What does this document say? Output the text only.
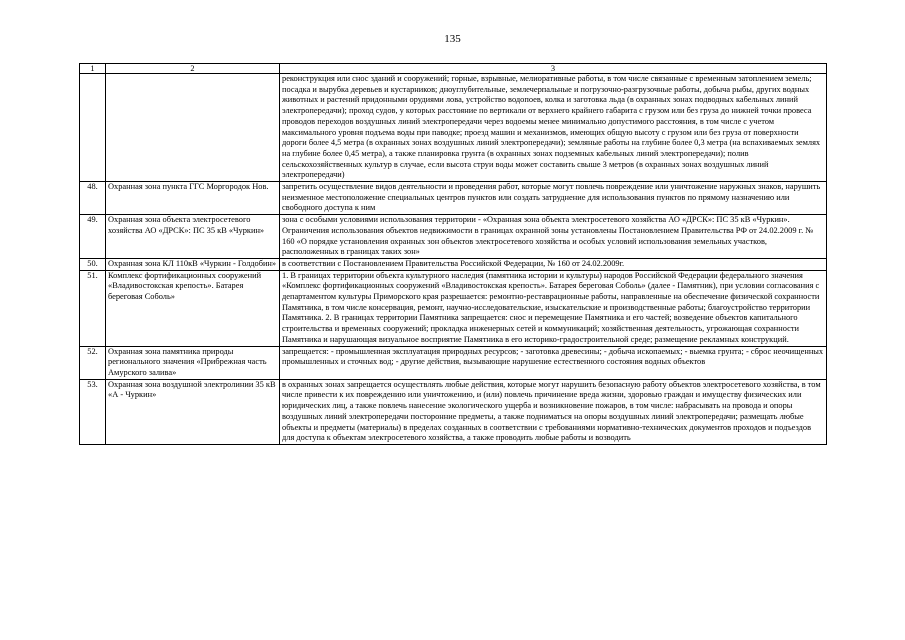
135
1	2	3
		реконструкция или снос зданий и сооружений; горные, взрывные, мелиоративные работы, в том числе связанные с временным затоплением земель; посадка и вырубка деревьев и кустарников; дноуглубительные, землечерпальные и погрузочно-разгрузочные работы, добыча рыбы, других водных животных и растений придонными орудиями лова, устройство водопоев, колка и заготовка льда (в охранных зонах подводных кабельных линий электропередачи); проход судов, у которых расстояние по вертикали от верхнего крайнего габарита с грузом или без груза до нижней точки провеса проводов переходов воздушных линий электропередачи через водоемы менее минимально допустимого расстояния, в том числе с учетом максимального уровня подъема воды при паводке; проезд машин и механизмов, имеющих общую высоту с грузом или без груза от поверхности дороги более 4,5 метра (в охранных зонах воздушных линий электропередачи); земляные работы на глубине более 0,3 метра (на вспахиваемых землях на глубине более 0,45 метра), а также планировка грунта (в охранных зонах подземных кабельных линий электропередачи); полив сельскохозяйственных культур в случае, если высота струи воды может составить свыше 3 метров (в охранных зонах воздушных линий электропередачи)
48.	Охранная зона пункта ГГС Моргородок Нов.	запретить осуществление видов деятельности и проведения работ, которые могут повлечь повреждение или уничтожение наружных знаков, нарушить неизменное местоположение специальных центров пунктов или создать затруднение для использования пунктов по прямому назначению или свободного доступа к ним
49.	Охранная зона объекта электросетевого хозяйства АО «ДРСК»: ПС 35 кВ «Чуркин»	зона с особыми условиями использования территории - «Охранная зона объекта электросетевого хозяйства АО «ДРСК»: ПС 35 кВ «Чуркин». Ограничения использования объектов недвижимости в границах охранной зоны установлены Постановлением Правительства РФ от 24.02.2009 г. № 160 «О порядке установления охранных зон объектов электросетевого хозяйства и особых условий использования земельных участков, расположенных в границах таких зон»
50.	Охранная зона КЛ 110кВ «Чуркин - Голдобин»	в соответствии с Постановлением Правительства Российской Федерации, № 160 от 24.02.2009г.
51.	Комплекс фортификационных сооружений «Владивостокская крепость». Батарея береговая Соболь»	1. В границах территории объекта культурного наследия (памятника истории и культуры) народов Российской Федерации федерального значения «Комплекс фортификационных сооружений «Владивостокская крепость». Батарея береговая Соболь» (далее - Памятник), при условии согласования с департаментом культуры Приморского края разрешается: ремонтно-реставрационные работы, направленные на обеспечение физической сохранности Памятника, в том числе консервация, ремонт, научно-исследовательские, изыскательские и производственные работы; благоустройство территории Памятника. 2. В границах территории Памятника запрещается: снос и перемещение Памятника и его частей; возведение объектов капитального строительства и временных сооружений; прокладка инженерных сетей и коммуникаций; хозяйственная деятельность, угрожающая сохранности Памятника и нарушающая визуальное восприятие Памятника в его историко-градостроительной среде; размещение рекламных конструкций.
52.	Охранная зона памятника природы регионального значения «Прибрежная часть Амурского залива»	запрещается: - промышленная эксплуатация природных ресурсов; - заготовка древесины; - добыча ископаемых; - выемка грунта; - сброс неочищенных промышленных и сточных вод; - другие действия, вызывающие нарушение естественного состояния водных объектов
53.	Охранная зона воздушной электролинии 35 кВ «А - Чуркин»	в охранных зонах запрещается осуществлять любые действия, которые могут нарушить безопасную работу объектов электросетевого хозяйства, в том числе привести к их повреждению или уничтожению, и (или) повлечь причинение вреда жизни, здоровью граждан и имуществу физических или юридических лиц, а также повлечь нанесение экологического ущерба и возникновение пожаров, в том числе: набрасывать на провода и опоры воздушных линий электропередачи посторонние предметы, а также подниматься на опоры воздушных линий электропередачи; размещать любые объекты и предметы (материалы) в пределах созданных в соответствии с требованиями нормативно-технических документов проходов и подъездов для доступа к объектам электросетевого хозяйства, а также проводить любые работы и возводить
